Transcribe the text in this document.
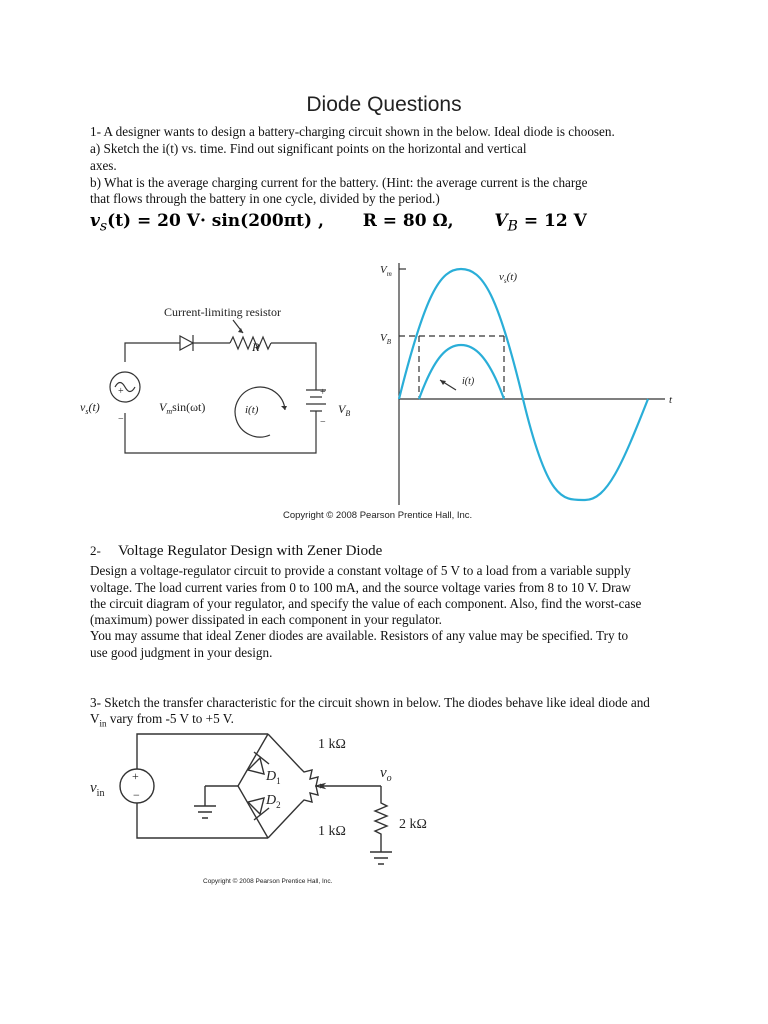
Diode Questions
1- A designer wants to design a battery-charging circuit shown in the below. Ideal diode is choosen.
a) Sketch the i(t) vs. time. Find out significant points on the horizontal and vertical
axes.
b) What is the average charging current for the battery. (Hint: the average current is the charge
that flows through the battery in one cycle, divided by the period.)
$v_s(t) = 20$ V· sin(200πt) , R = 80 Ω, $V_B = 12$ V
Current-limiting resistor
R
$v_s(t)$	$V_m\sin(\omega t)$	i(t)	$V_B$
+
−
+
−
$V_m$
$V_B$
$v_s(t)$
i(t)
t
Copyright © 2008 Pearson Prentice Hall, Inc.
2- Voltage Regulator Design with Zener Diode
Design a voltage-regulator circuit to provide a constant voltage of 5 V to a load from a variable supply
voltage. The load current varies from 0 to 100 mA, and the source voltage varies from 8 to 10 V. Draw
the circuit diagram of your regulator, and specify the value of each component. Also, find the worst-case
(maximum) power dissipated in each component in your regulator.
You may assume that ideal Zener diodes are available. Resistors of any value may be specified. Try to
use good judgment in your design.
3- Sketch the transfer characteristic for the circuit shown in below. The diodes behave like ideal diode and
$V_{in}$ vary from -5 V to +5 V.
+
−
$v_{in}$
$D_1$
$D_2$
1 kΩ
1 kΩ	2 kΩ
$v_o$
Copyright © 2008 Pearson Prentice Hall, Inc.
